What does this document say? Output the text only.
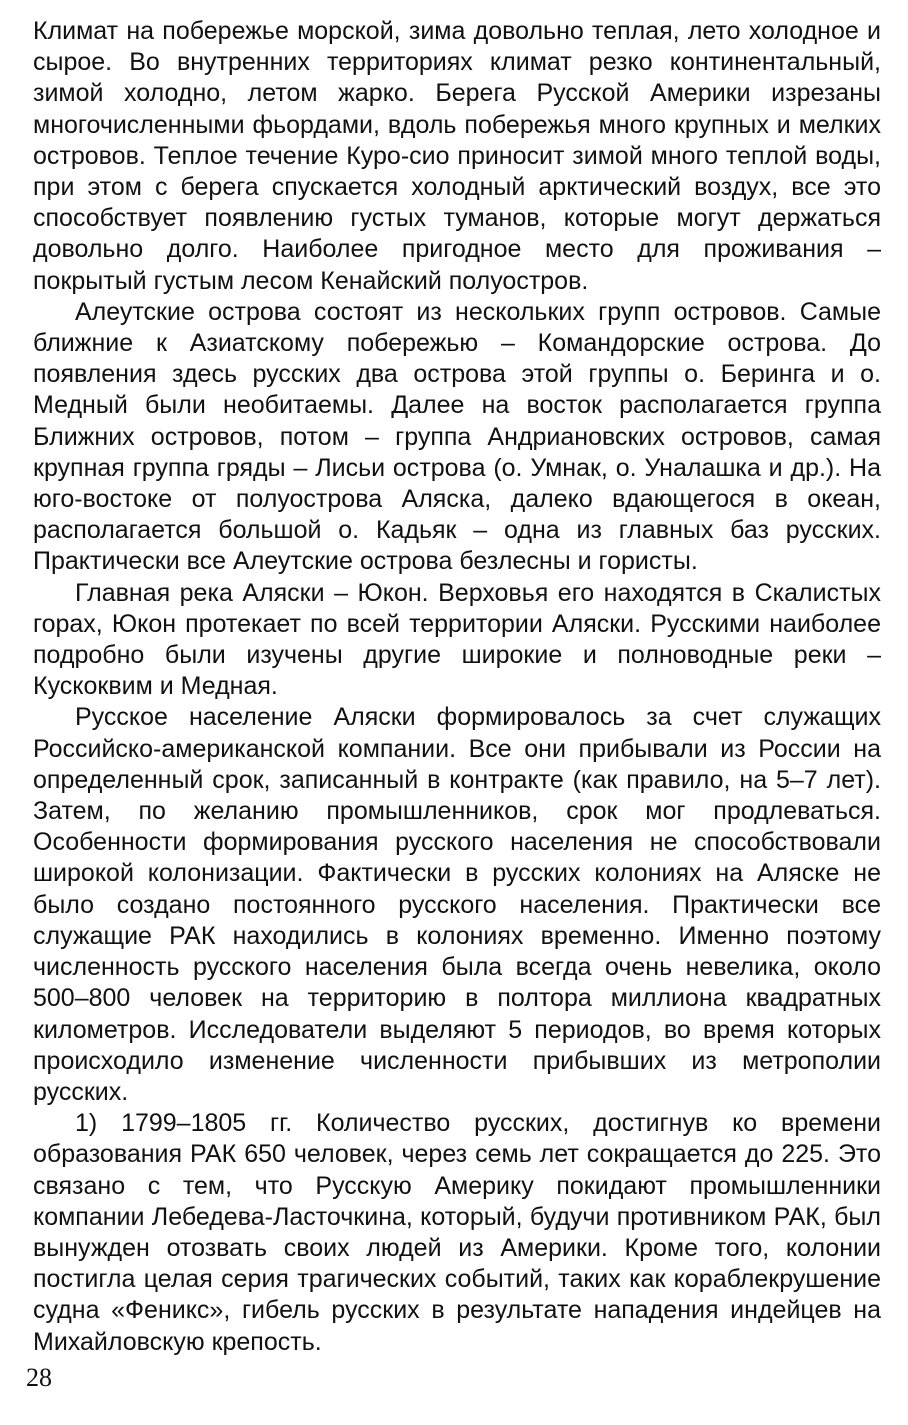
Климат на побережье морской, зима довольно теплая, лето холодное и сырое. Во внутренних территориях климат резко континентальный, зимой холодно, летом жарко. Берега Русской Америки изрезаны многочисленными фьордами, вдоль побережья много крупных и мелких островов. Теплое течение Куро-сио приносит зимой много теплой воды, при этом с берега спускается холодный арктический воздух, все это способствует появлению густых туманов, которые могут держаться довольно долго. Наиболее пригодное место для проживания – покрытый густым лесом Кенайский полуостров.

Алеутские острова состоят из нескольких групп островов. Самые ближние к Азиатскому побережью – Командорские острова. До появления здесь русских два острова этой группы о. Беринга и о. Медный были необитаемы. Далее на восток располагается группа Ближних островов, потом – группа Андриановских островов, самая крупная группа гряды – Лисьи острова (о. Умнак, о. Уналашка и др.). На юго-востоке от полуострова Аляска, далеко вдающегося в океан, располагается большой о. Кадьяк – одна из главных баз русских. Практически все Алеутские острова безлесны и гористы.

Главная река Аляски – Юкон. Верховья его находятся в Скалистых горах, Юкон протекает по всей территории Аляски. Русскими наиболее подробно были изучены другие широкие и полноводные реки – Кускоквим и Медная.

Русское население Аляски формировалось за счет служащих Российско-американской компании. Все они прибывали из России на определенный срок, записанный в контракте (как правило, на 5–7 лет). Затем, по желанию промышленников, срок мог продлеваться. Особенности формирования русского населения не способствовали широкой колонизации. Фактически в русских колониях на Аляске не было создано постоянного русского населения. Практически все служащие РАК находились в колониях временно. Именно поэтому численность русского населения была всегда очень невелика, около 500–800 человек на территорию в полтора миллиона квадратных километров. Исследователи выделяют 5 периодов, во время которых происходило изменение численности прибывших из метрополии русских.

1) 1799–1805 гг. Количество русских, достигнув ко времени образования РАК 650 человек, через семь лет сокращается до 225. Это связано с тем, что Русскую Америку покидают промышленники компании Лебедева-Ласточкина, который, будучи противником РАК, был вынужден отозвать своих людей из Америки. Кроме того, колонии постигла целая серия трагических событий, таких как кораблекрушение судна «Феникс», гибель русских в результате нападения индейцев на Михайловскую крепость.

28
